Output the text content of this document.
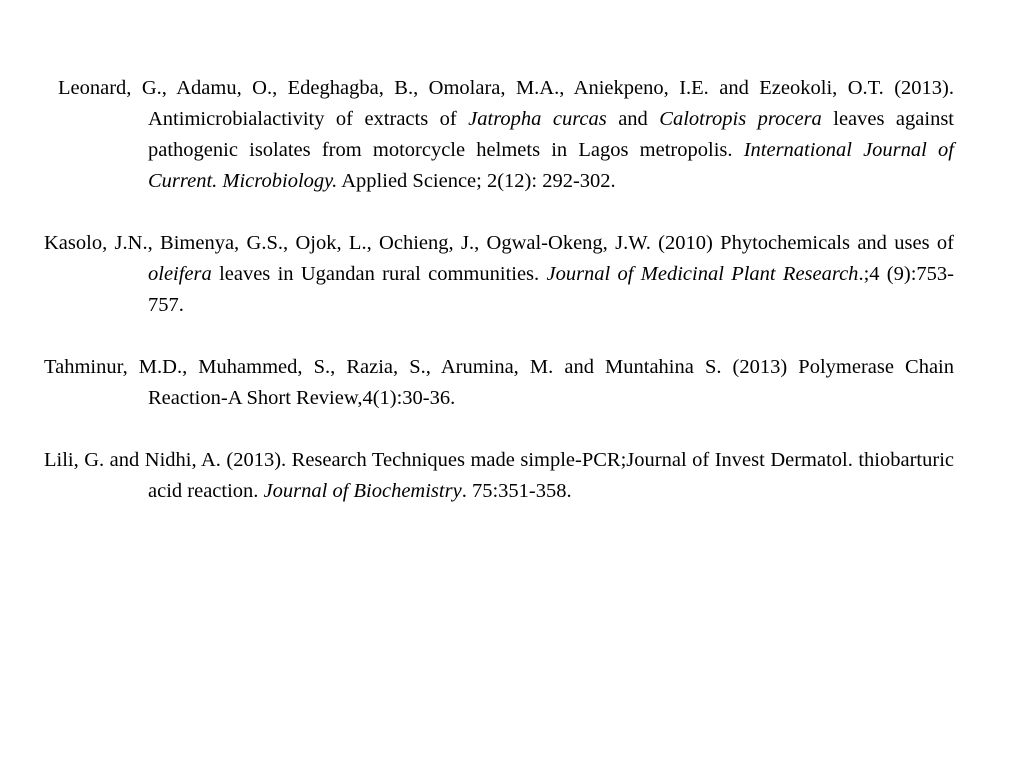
Leonard, G., Adamu, O., Edeghagba, B., Omolara, M.A., Aniekpeno, I.E. and Ezeokoli, O.T. (2013). Antimicrobialactivity of extracts of Jatropha curcas and Calotropis procera leaves against pathogenic isolates from motorcycle helmets in Lagos metropolis. International Journal of Current. Microbiology. Applied Science; 2(12): 292-302.

Kasolo, J.N., Bimenya, G.S., Ojok, L., Ochieng, J., Ogwal-Okeng, J.W. (2010) Phytochemicals and uses of oleifera leaves in Ugandan rural communities. Journal of Medicinal Plant Research.;4 (9):753-757.

Tahminur, M.D., Muhammed, S., Razia, S., Arumina, M. and Muntahina S. (2013) Polymerase Chain Reaction-A Short Review,4(1):30-36.

Lili, G. and Nidhi, A. (2013). Research Techniques made simple-PCR;Journal of Invest Dermatol. thiobarturic acid reaction. Journal of Biochemistry. 75:351-358.
